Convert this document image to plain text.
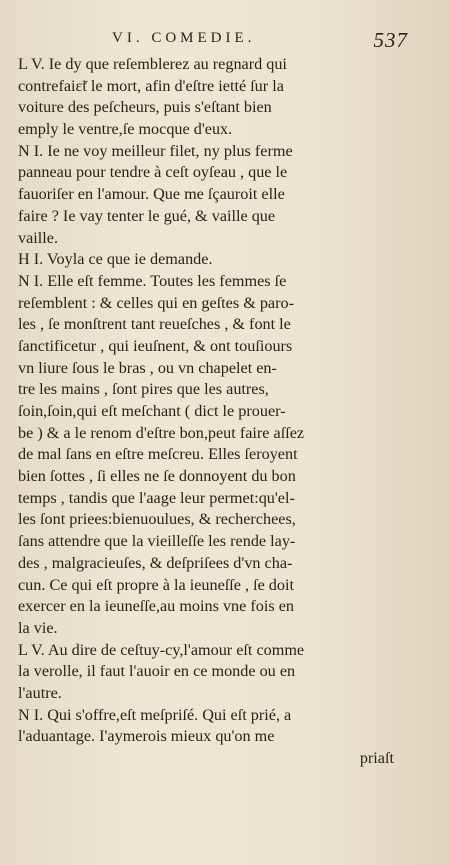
VI. COMEDIE.	537
L V. Ie dy que reſemblerez au regnard qui
contrefaiɛ̃t le mort, afin d'eſtre ietté ſur la
voiture des peſcheurs, puis s'eſtant bien
emply le ventre,ſe mocque d'eux.
N I. Ie ne voy meilleur filet, ny plus ferme
panneau pour tendre à ceſt oyſeau , que le
fauoriſer en l'amour. Que me ſçauroit elle
faire ? Ie vay tenter le gué, & vaille que
vaille.
H I. Voyla ce que ie demande.
N I. Elle eſt femme. Toutes les femmes ſe
reſemblent : & celles qui en geſtes & paro-
les , ſe monſtrent tant reueſches , & font le
ſanctificetur , qui ieuſnent, & ont touſiours
vn liure ſous le bras , ou vn chapelet en-
tre les mains , ſont pires que les autres,
ſoin,ſoin,qui eſt meſchant ( dict le prouer-
be ) & a le renom d'eſtre bon,peut faire aſſez
de mal ſans en eſtre meſcreu. Elles ſeroyent
bien ſottes , ſi elles ne ſe donnoyent du bon
temps , tandis que l'aage leur permet:qu'el-
les ſont priees:bienuoulues, & recherchees,
ſans attendre que la vieilleſſe les rende lay-
des , malgracieuſes, & deſpriſees d'vn cha-
cun. Ce qui eſt propre à la ieuneſſe , ſe doit
exercer en la ieuneſſe,au moins vne fois en
la vie.
L V. Au dire de ceſtuy-cy,l'amour eſt comme
la verolle, il faut l'auoir en ce monde ou en
l'autre.
N I. Qui s'offre,eſt meſpriſé. Qui eſt prié, a
l'aduantage. I'aymerois mieux qu'on me
priaſt
